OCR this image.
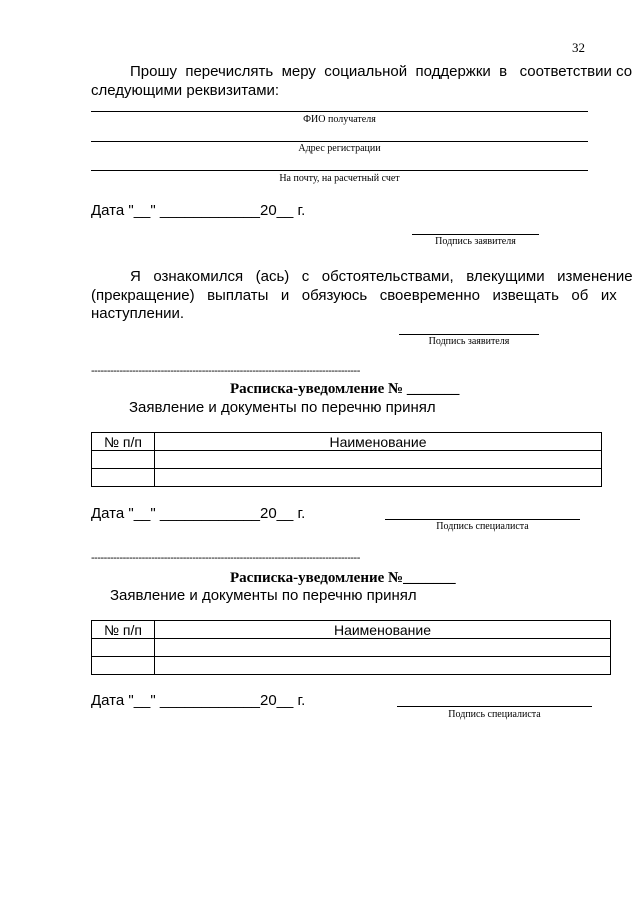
32
Прошу  перечислять  меру  социальной  поддержки  в   соответствии со
следующими реквизитами:
ФИО получателя
Адрес регистрации
На почту, на расчетный счет
Дата "__" ____________20__ г.
Подпись заявителя
Я   ознакомился   (ась)   с   обстоятельствами,   влекущими   изменение
(прекращение)   выплаты   и   обязуюсь   своевременно   извещать   об   их
наступлении.
Подпись заявителя
-------------------------------------------------------------------------------------
Расписка-уведомление № _______
Заявление и документы по перечню принял
№ п/п	Наименование

Дата "__" ____________20__ г.
Подпись специалиста
-------------------------------------------------------------------------------------
Расписка-уведомление №_______
Заявление и документы по перечню принял
№ п/п	Наименование

Дата "__" ____________20__ г.
Подпись специалиста
